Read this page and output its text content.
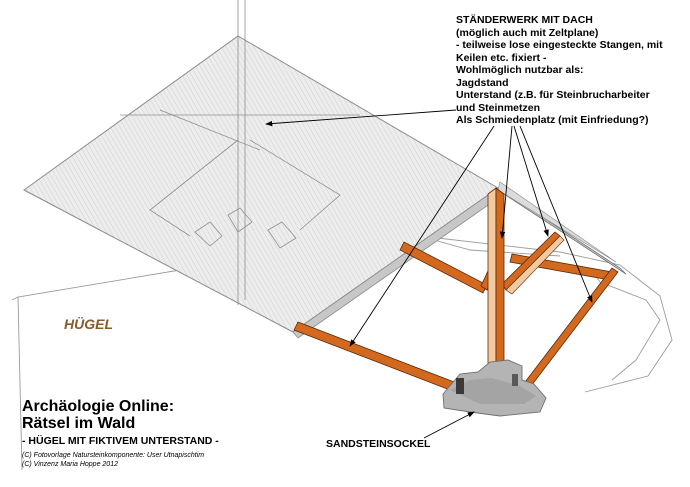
STÄNDERWERK MIT DACH
(möglich auch mit Zeltplane)
- teilweise lose eingesteckte Stangen, mit
Keilen etc. fixiert -
Wohlmöglich nutzbar als:
Jagdstand
Unterstand (z.B. für Steinbrucharbeiter
und Steinmetzen
Als Schmiedenplatz (mit Einfriedung?)
HÜGEL
Archäologie Online:
Rätsel im Wald
- HÜGEL MIT FIKTIVEM UNTERSTAND -
(C) Fotovorlage Natursteinkomponente: User Utnapischtim
(C) Vinzenz Maria Hoppe 2012
SANDSTEINSOCKEL
